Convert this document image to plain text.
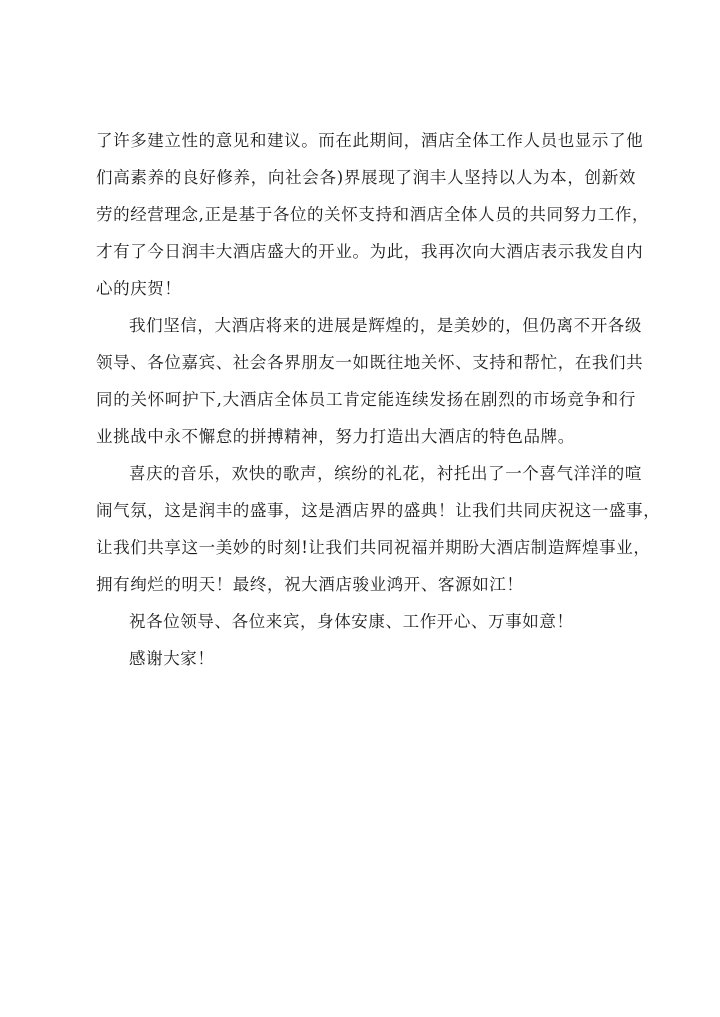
了许多建立性的意见和建议。而在此期间，酒店全体工作人员也显示了他
们高素养的良好修养，向社会各)界展现了润丰人坚持以人为本，创新效
劳的经营理念,正是基于各位的关怀支持和酒店全体人员的共同努力工作，
才有了今日润丰大酒店盛大的开业。为此，我再次向大酒店表示我发自内
心的庆贺！
我们坚信，大酒店将来的进展是辉煌的，是美妙的，但仍离不开各级
领导、各位嘉宾、社会各界朋友一如既往地关怀、支持和帮忙，在我们共
同的关怀呵护下,大酒店全体员工肯定能连续发扬在剧烈的市场竞争和行
业挑战中永不懈怠的拼搏精神，努力打造出大酒店的特色品牌。
喜庆的音乐，欢快的歌声，缤纷的礼花，衬托出了一个喜气洋洋的喧
闹气氛，这是润丰的盛事，这是酒店界的盛典！让我们共同庆祝这一盛事，
让我们共享这一美妙的时刻!让我们共同祝福并期盼大酒店制造辉煌事业，
拥有绚烂的明天！最终，祝大酒店骏业鸿开、客源如江！
祝各位领导、各位来宾，身体安康、工作开心、万事如意！
感谢大家！
